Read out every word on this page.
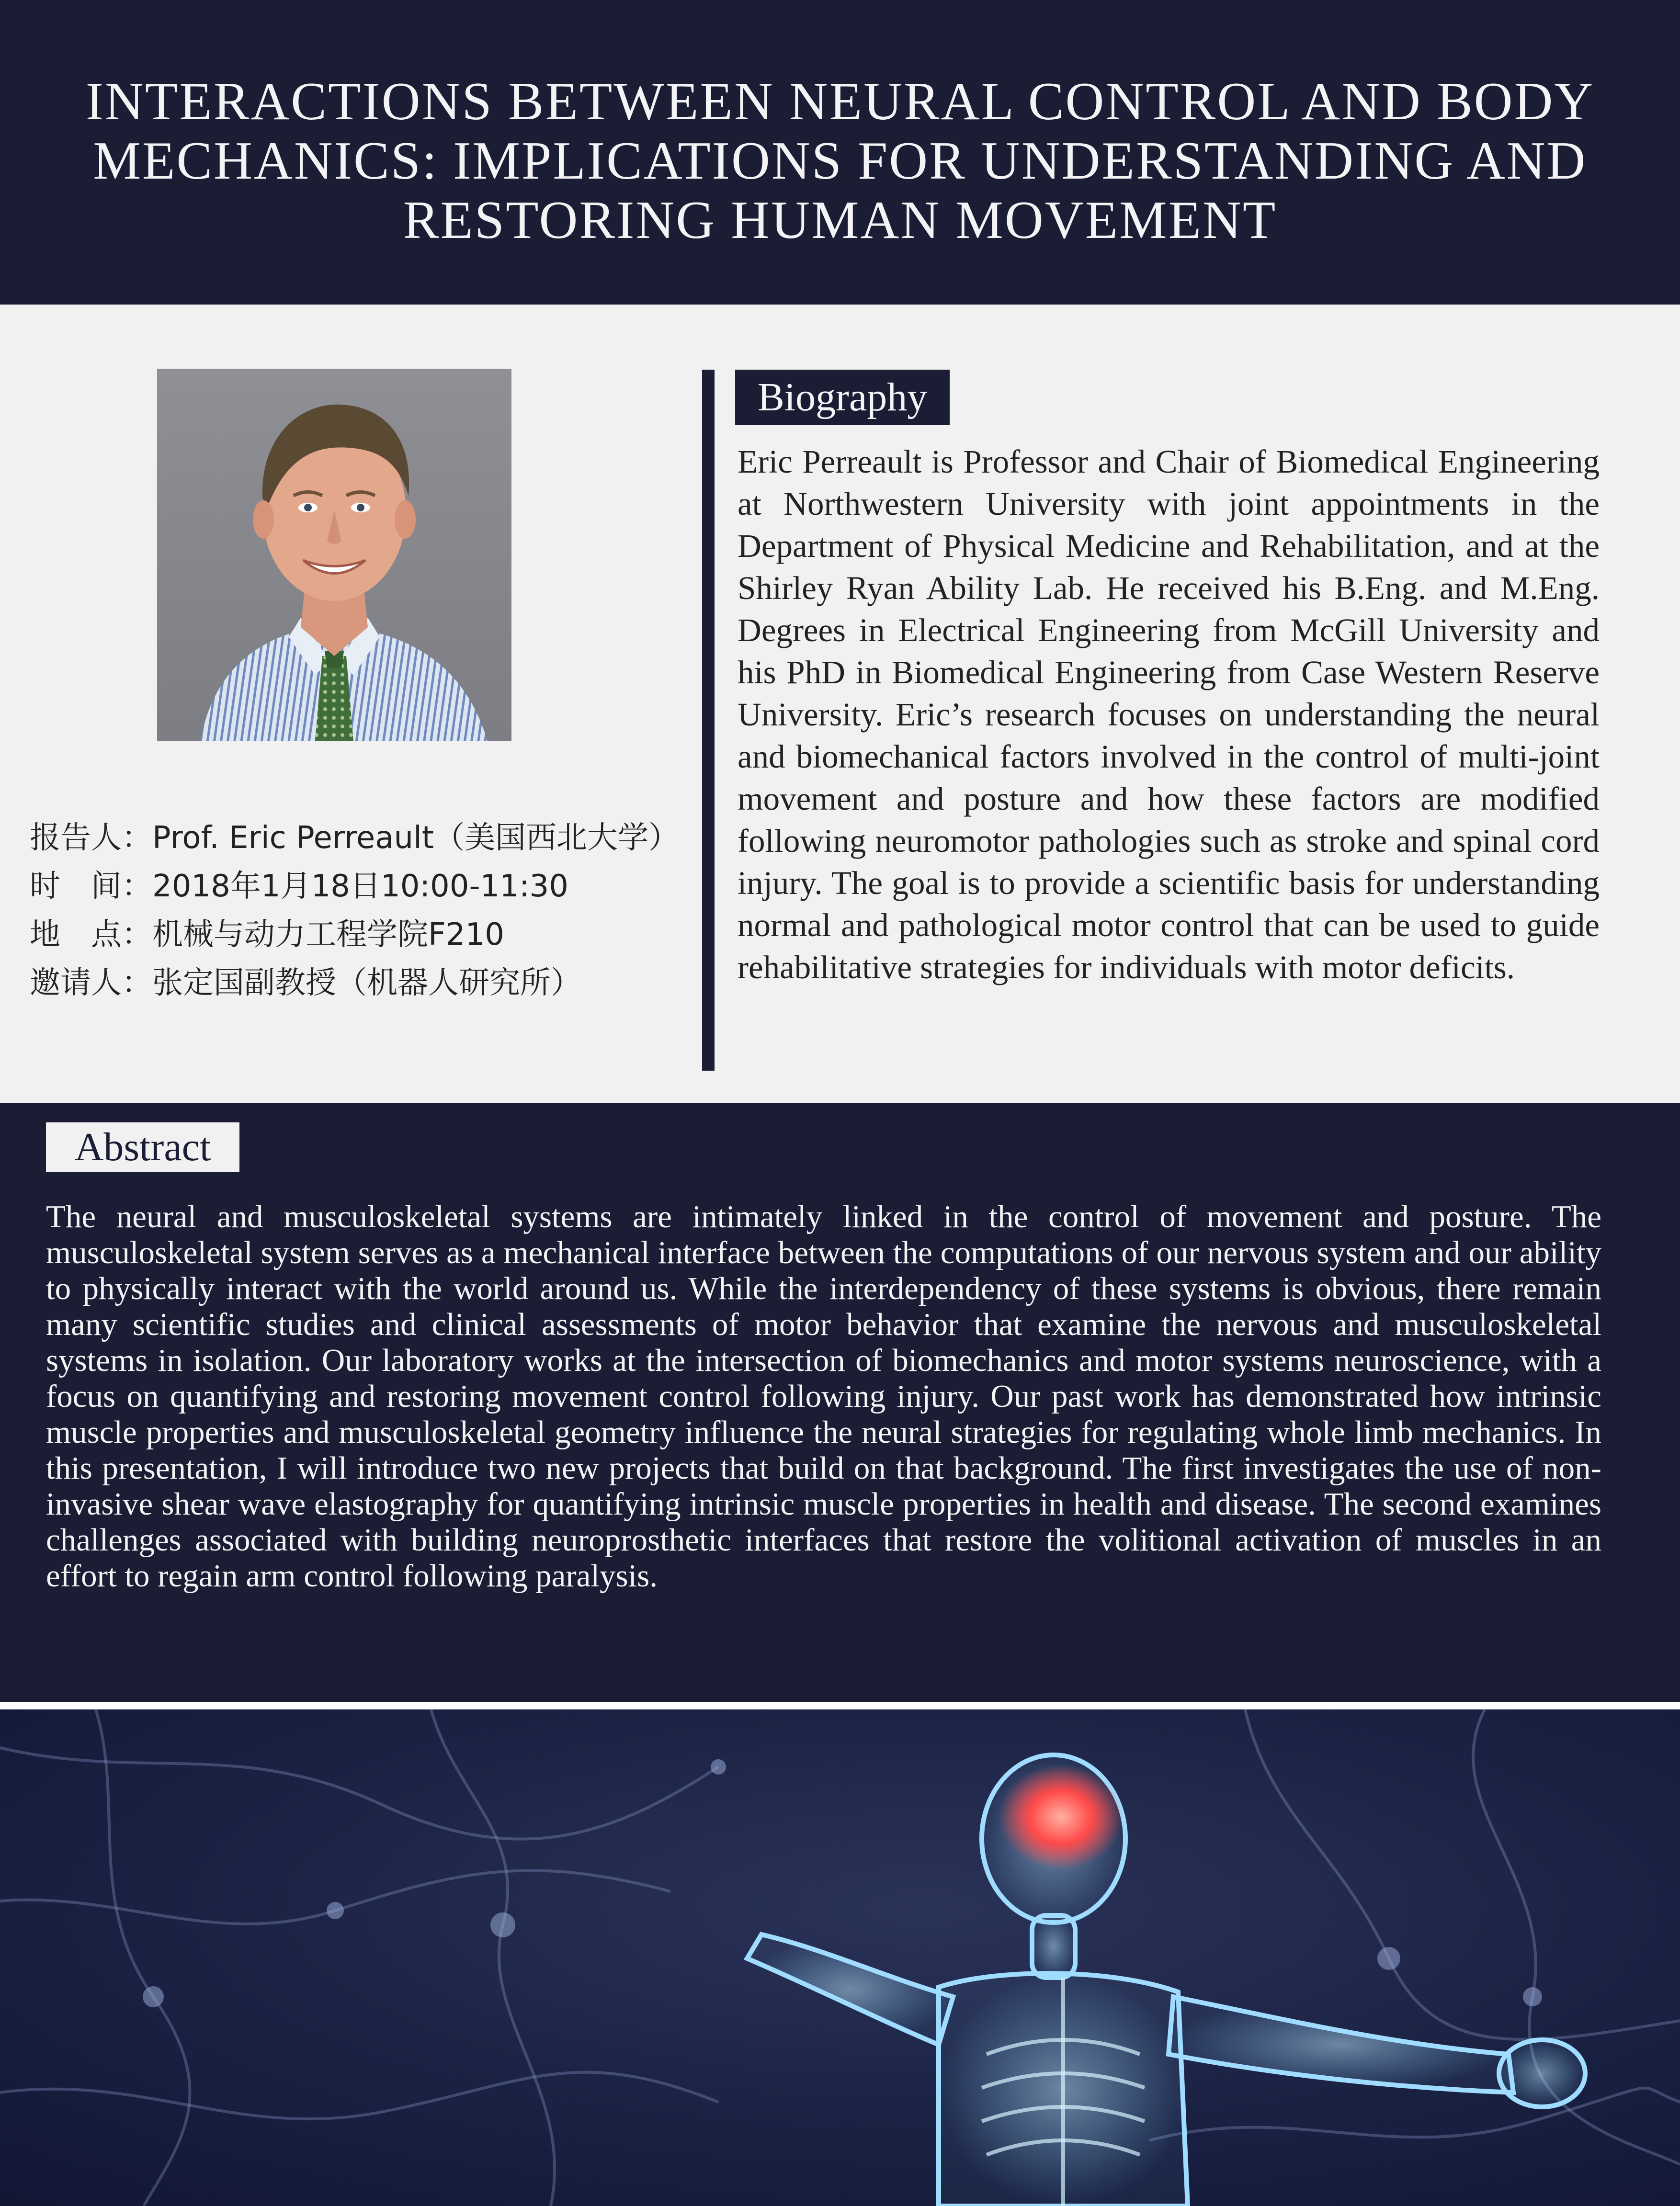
INTERACTIONS BETWEEN NEURAL CONTROL AND BODY
MECHANICS: IMPLICATIONS FOR UNDERSTANDING AND
RESTORING HUMAN MOVEMENT
报告人：Prof. Eric Perreault（美国西北大学）
时　间：2018年1月18日10:00-11:30
地　点：机械与动力工程学院F210
邀请人：张定国副教授（机器人研究所）
Biography
Eric Perreault is Professor and Chair of Biomedical Engineering at Northwestern University with joint appointments in the Department of Physical Medicine and Rehabilitation, and at the Shirley Ryan Ability Lab. He received his B.Eng. and M.Eng. Degrees in Electrical Engineering from McGill University and his PhD in Biomedical Engineering from Case Western Reserve University. Eric’s research focuses on understanding the neural and biomechanical factors involved in the control of multi-joint movement and posture and how these factors are modified following neuromotor pathologies such as stroke and spinal cord injury. The goal is to provide a scientific basis for understanding normal and pathological motor control that can be used to guide rehabilitative strategies for individuals with motor deficits.
Abstract
The neural and musculoskeletal systems are intimately linked in the control of movement and posture. The musculoskeletal system serves as a mechanical interface between the computations of our nervous system and our ability to physically interact with the world around us. While the interdependency of these systems is obvious, there remain many scientific studies and clinical assessments of motor behavior that examine the nervous and musculoskeletal systems in isolation. Our laboratory works at the intersection of biomechanics and motor systems neuroscience, with a focus on quantifying and restoring movement control following injury. Our past work has demonstrated how intrinsic muscle properties and musculoskeletal geometry influence the neural strategies for regulating whole limb mechanics. In this presentation, I will introduce two new projects that build on that background. The first investigates the use of non-invasive shear wave elastography for quantifying intrinsic muscle properties in health and disease. The second examines challenges associated with building neuroprosthetic interfaces that restore the volitional activation of muscles in an effort to regain arm control following paralysis.
